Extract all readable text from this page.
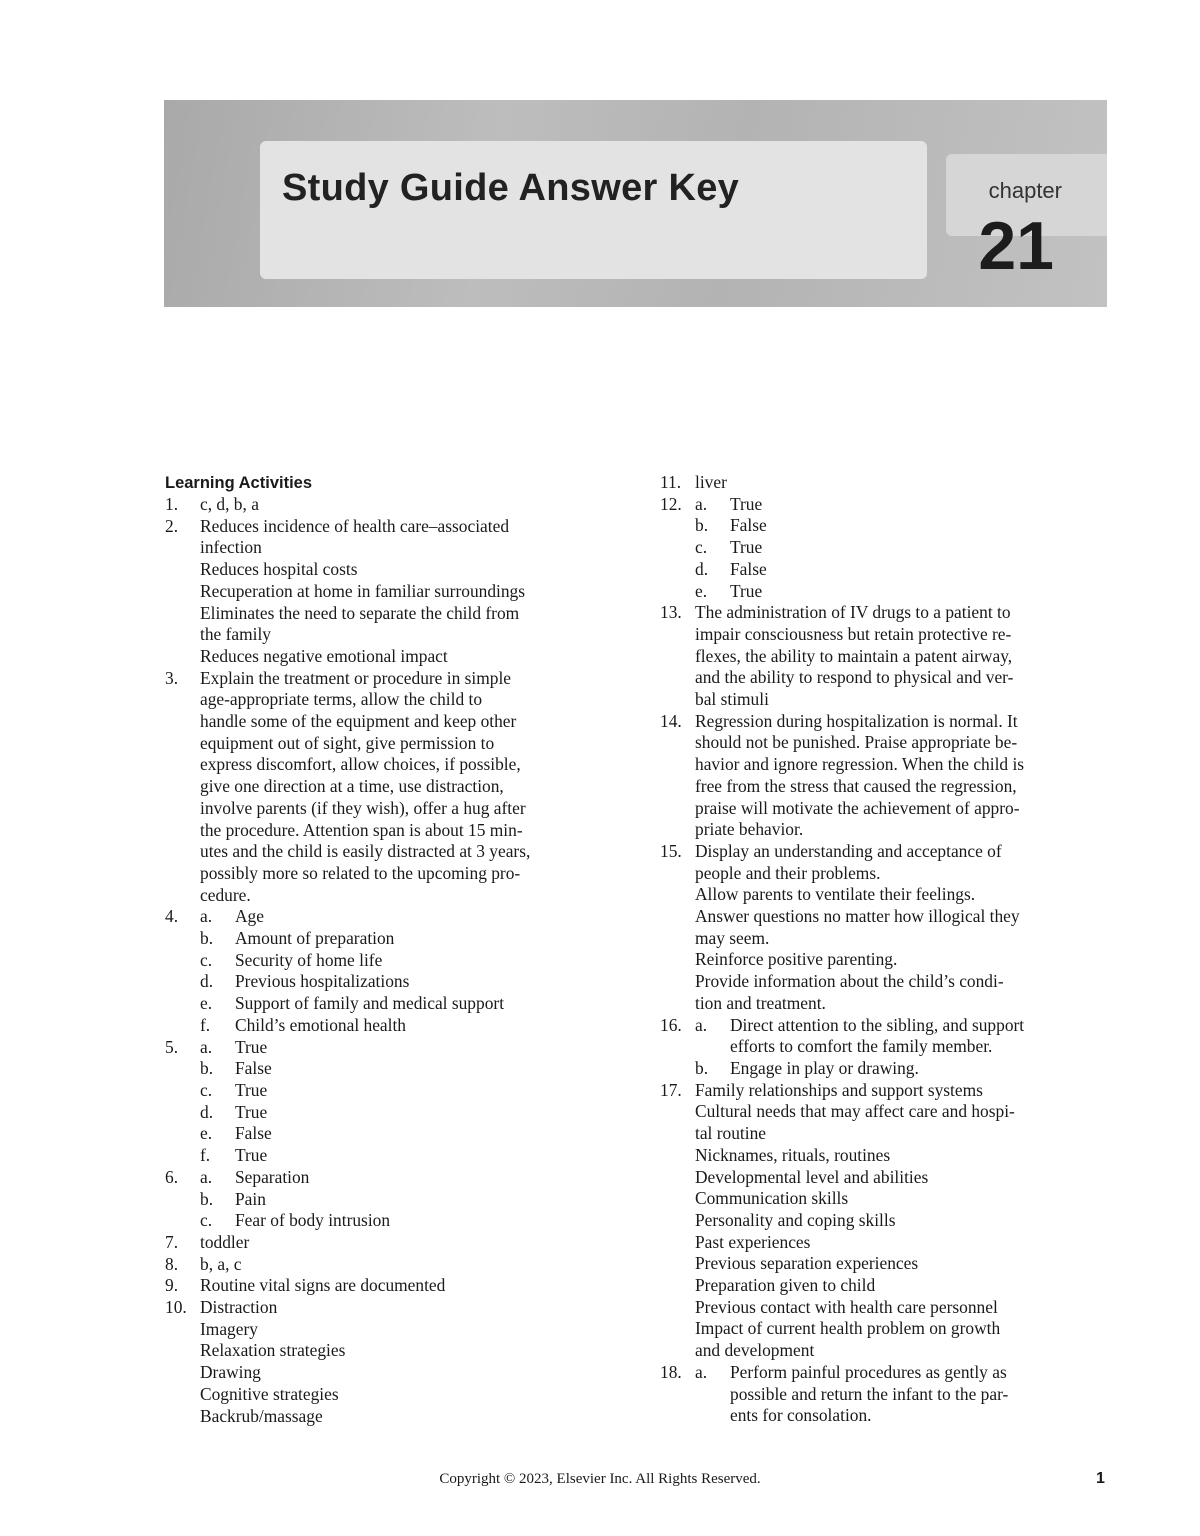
Study Guide Answer Key	chapter
21
Learning Activities
1. c, d, b, a
2. Reduces incidence of health care–associated
infection
Reduces hospital costs
Recuperation at home in familiar surroundings
Eliminates the need to separate the child from
the family
Reduces negative emotional impact
3. Explain the treatment or procedure in simple
age-appropriate terms, allow the child to
handle some of the equipment and keep other
equipment out of sight, give permission to
express discomfort, allow choices, if possible,
give one direction at a time, use distraction,
involve parents (if they wish), offer a hug after
the procedure. Attention span is about 15 min-
utes and the child is easily distracted at 3 years,
possibly more so related to the upcoming pro-
cedure.
4. a. Age
b. Amount of preparation
c. Security of home life
d. Previous hospitalizations
e. Support of family and medical support
f. Child’s emotional health
5. a. True
b. False
c. True
d. True
e. False
f. True
6. a. Separation
b. Pain
c. Fear of body intrusion
7. toddler
8. b, a, c
9. Routine vital signs are documented
10. Distraction
Imagery
Relaxation strategies
Drawing
Cognitive strategies
Backrub/massage
11. liver
12. a. True
b. False
c. True
d. False
e. True
13. The administration of IV drugs to a patient to
impair consciousness but retain protective re-
flexes, the ability to maintain a patent airway,
and the ability to respond to physical and ver-
bal stimuli
14. Regression during hospitalization is normal. It
should not be punished. Praise appropriate be-
havior and ignore regression. When the child is
free from the stress that caused the regression,
praise will motivate the achievement of appro-
priate behavior.
15. Display an understanding and acceptance of
people and their problems.
Allow parents to ventilate their feelings.
Answer questions no matter how illogical they
may seem.
Reinforce positive parenting.
Provide information about the child’s condi-
tion and treatment.
16. a. Direct attention to the sibling, and support
efforts to comfort the family member.
b. Engage in play or drawing.
17. Family relationships and support systems
Cultural needs that may affect care and hospi-
tal routine
Nicknames, rituals, routines
Developmental level and abilities
Communication skills
Personality and coping skills
Past experiences
Previous separation experiences
Preparation given to child
Previous contact with health care personnel
Impact of current health problem on growth
and development
18. a. Perform painful procedures as gently as
possible and return the infant to the par-
ents for consolation.
Copyright © 2023, Elsevier Inc. All Rights Reserved.	1
